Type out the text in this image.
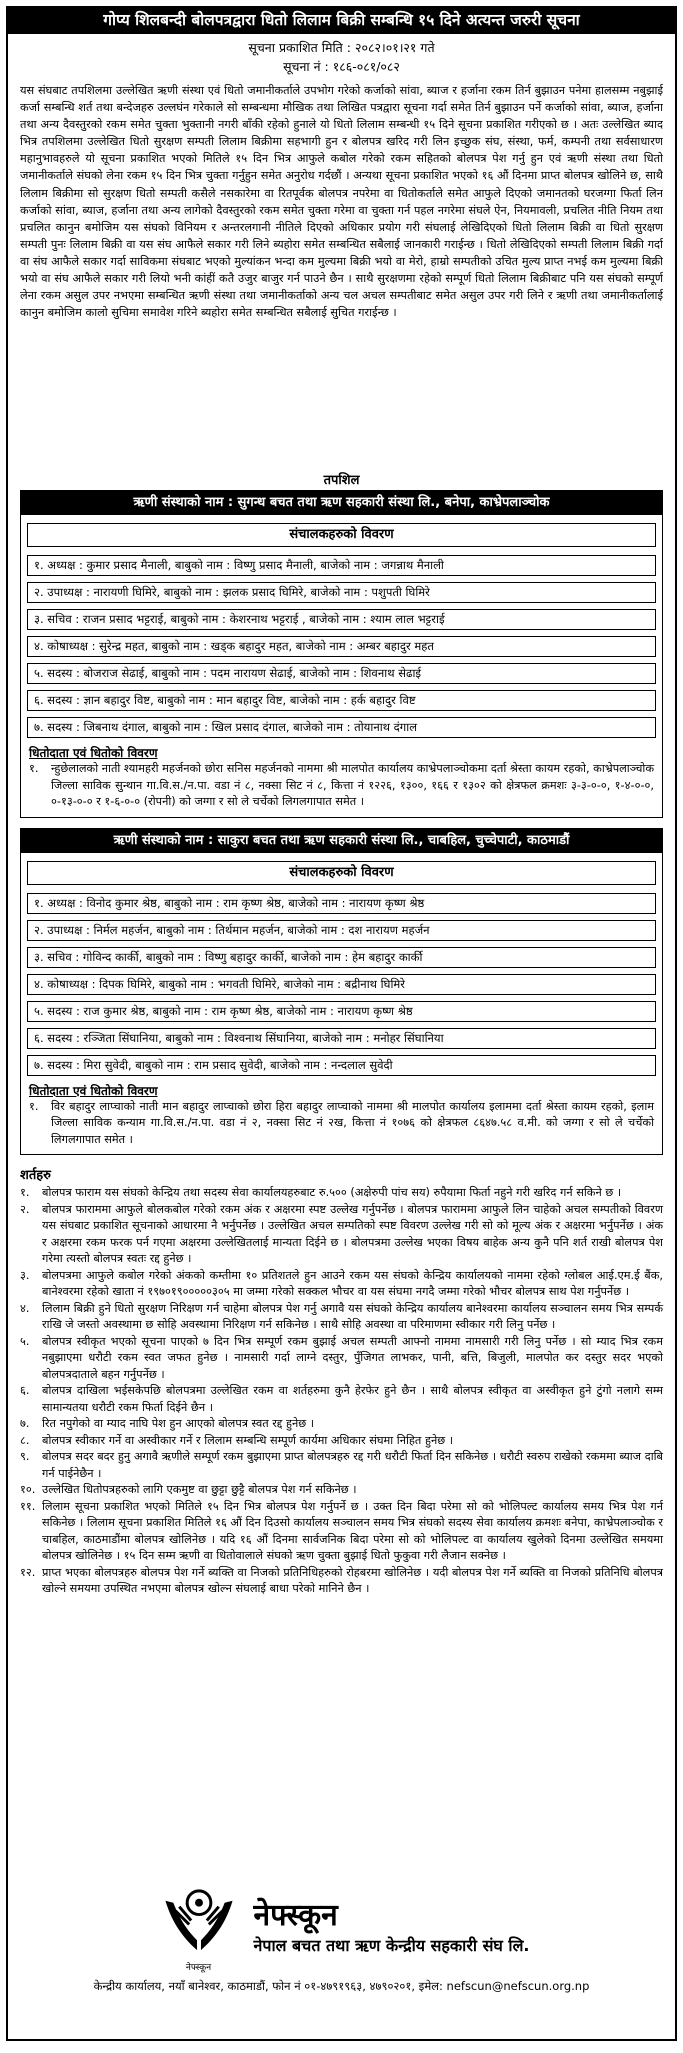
गोप्य शिलबन्दी बोलपत्रद्वारा धितो लिलाम बिक्री सम्बन्धि १५ दिने अत्यन्त जरुरी सूचना
सूचना प्रकाशित मिति : २०८२।०१।२१ गते
सूचना नं : १८६-०८१/०८२
यस संघबाट तपशिलमा उल्लेखित ऋणी संस्था एवं धितो जमानीकर्ताले उपभोग गरेको कर्जाको सांवा, ब्याज र हर्जाना रकम तिर्न बुझाउन पनेमा हालसम्म नबुझाई कर्जा सम्बन्धि शर्त तथा बन्देजहरु उल्लघंन गरेकाले सो सम्बन्धमा मौखिक तथा लिखित पत्रद्वारा सूचना गर्दा समेत तिर्न बुझाउन पर्ने कर्जाको सांवा, ब्याज, हर्जाना तथा अन्य दैवस्तुरको रकम समेत चुक्ता भुक्तानी नगरी बाँकी रहेको हुनाले यो धितो लिलाम सम्बन्धी १५ दिने सूचना प्रकाशित गरीएको छ । अतः उल्लेखित ब्याद भित्र तपशिलमा उल्लेखित धितो सुरक्षण सम्पती लिलाम बिक्रीमा सहभागी हुन र बोलपत्र खरिद गरी लिन इच्छुक संघ, संस्था, फर्म, कम्पनी तथा सर्वसाधारण महानुभावहरुले यो सूचना प्रकाशित भएको मितिले १५ दिन भित्र आफुले कबोल गरेको रकम सहितको बोलपत्र पेश गर्नु हुन एवं ऋणी संस्था तथा धितो जमानीकर्ताले संघको लेना रकम १५ दिन भित्र चुक्ता गर्नुहुन समेत अनुरोध गर्दछौं । अन्यथा सूचना प्रकाशित भएको १६ औं दिनमा प्राप्त बोलपत्र खोलिने छ, साथै लिलाम बिक्रीमा सो सुरक्षण धितो सम्पती कसैले नसकारेमा वा रितपूर्वक बोलपत्र नपरेमा वा धितोकर्ताले समेत आफुले दिएको जमानतको घरजग्गा फिर्ता लिन कर्जाको सांवा, ब्याज, हर्जाना तथा अन्य लागेको दैवस्तुरको रकम समेत चुक्ता गरेमा वा चुक्ता गर्न पहल नगरेमा संघले ऐन, नियमावली, प्रचलित नीति नियम तथा प्रचलित कानुन बमोजिम यस संघको विनियम र अन्तरलगानी नीतिले दिएको अधिकार प्रयोग गरी संघलाई लेखिदिएको धितो लिलाम बिक्री वा धितो सुरक्षण सम्पती पुनः लिलाम बिक्री वा यस संघ आफैले सकार गरी लिने ब्यहोरा समेत सम्बन्धित सबैलाई जानकारी गराईन्छ । धितो लेखिदिएको सम्पती लिलाम बिक्री गर्दा वा संघ आफैले सकार गर्दा साविकमा संघबाट भएको मुल्यांकन भन्दा कम मुल्यमा बिक्री भयो वा मेरो, हाम्रो सम्पतीको उचित मुल्य प्राप्त नभई कम मुल्यमा बिक्री भयो वा संघ आफैले सकार गरी लियो भनी कांहीं कतै उजुर बाजुर गर्न पाउने छैन । साथै सुरक्षणमा रहेको सम्पूर्ण धितो लिलाम बिक्रीबाट पनि यस संघको सम्पूर्ण लेना रकम असुल उपर नभएमा सम्बन्धित ऋणी संस्था तथा जमानीकर्ताको अन्य चल अचल सम्पतीबाट समेत असुल उपर गरी लिने र ऋणी तथा जमानीकर्तालाई कानुन बमोजिम कालो सुचिमा समावेश गरिने ब्यहोरा समेत सम्बन्धित सबैलाई सुचित गराईन्छ ।
तपशिल
ऋणी संस्थाको नाम : सुगन्ध बचत तथा ऋण सहकारी संस्था लि., बनेपा, काभ्रेपलाञ्चोक
संचालकहरुको विवरण
१. अध्यक्ष : कुमार प्रसाद मैनाली, बाबुको नाम : विष्णु प्रसाद मैनाली, बाजेको नाम : जगन्नाथ मैनाली
२. उपाध्यक्ष : नारायणी घिमिरे, बाबुको नाम : झलक प्रसाद घिमिरे, बाजेको नाम : पशुपती घिमिरे
३. सचिव : राजन प्रसाद भट्टराई, बाबुको नाम : केशरनाथ भट्टराई , बाजेको नाम : श्याम लाल भट्टराई
४. कोषाध्यक्ष : सुरेन्द्र महत, बाबुको नाम : खड्क बहादुर महत, बाजेको नाम : अम्बर बहादुर महत
५. सदस्य : बोजराज सेढाई, बाबुको नाम : पदम नारायण सेढाई, बाजेको नाम : शिवनाथ सेढाई
६. सदस्य : ज्ञान बहादुर विष्ट, बाबुको नाम : मान बहादुर विष्ट, बाजेको नाम : हर्क बहादुर विष्ट
७. सदस्य : जिबनाथ दंगाल, बाबुको नाम : खिल प्रसाद दंगाल, बाजेको नाम : तोयानाथ दंगाल
धितोदाता एवं धितोको विवरण
१.	न्हुछेलालको नाती श्यामहरी महर्जनको छोरा सनिस महर्जनको नाममा श्री मालपोत कार्यालय काभ्रेपलाञ्चोकमा दर्ता श्रेस्ता कायम रहको, काभ्रेपलाञ्चोक जिल्ला साविक सुन्थान गा.वि.स./न.पा. वडा नं ८, नक्सा सिट नं ८, कित्ता नं १२२६, १३००, १६६ र १३०२ को क्षेत्रफल क्रमशः ३-३-०-०, १-४-०-०, ०-१३-०-० र १-६-०-० (रोपनी) को जग्गा र सो ले चर्चेको लिगलगापात समेत ।
ऋणी संस्थाको नाम : साकुरा बचत तथा ऋण सहकारी संस्था लि., चाबहिल, चुच्चेपाटी, काठमाडौं
संचालकहरुको विवरण
१. अध्यक्ष : विनोद कुमार श्रेष्ठ, बाबुको नाम : राम कृष्ण श्रेष्ठ, बाजेको नाम : नारायण कृष्ण श्रेष्ठ
२. उपाध्यक्ष : निर्मल महर्जन, बाबुको नाम : तिर्थमान महर्जन, बाजेको नाम : दश नारायण महर्जन
३. सचिव : गोविन्द कार्की, बाबुको नाम : विष्णु बहादुर कार्की, बाजेको नाम : हेम बहादुर कार्की
४. कोषाध्यक्ष : दिपक घिमिरे, बाबुको नाम : भगवती घिमिरे, बाजेको नाम : बद्रीनाथ घिमिरे
५. सदस्य : राज कुमार श्रेष्ठ, बाबुको नाम : राम कृष्ण श्रेष्ठ, बाजेको नाम : नारायण कृष्ण श्रेष्ठ
६. सदस्य : रञ्जिता सिंघानिया, बाबुको नाम : विश्वनाथ सिंघानिया, बाजेको नाम : मनोहर सिंघानिया
७. सदस्य : मिरा सुवेदी, बाबुको नाम : राम प्रसाद सुवेदी, बाजेको नाम : नन्दलाल सुवेदी
धितोदाता एवं धितोको विवरण
१.	विर बहादुर लाप्चाको नाती मान बहादुर लाप्चाको छोरा हिरा बहादुर लाप्चाको नाममा श्री मालपोत कार्यालय इलाममा दर्ता श्रेस्ता कायम रहको, इलाम जिल्ला साविक कन्याम गा.वि.स./न.पा. वडा नं २, नक्सा सिट नं २ख, कित्ता नं १०७६ को क्षेत्रफल ८६४७.५८ व.मी. को जग्गा र सो ले चर्चेको लिगलगापात समेत ।
शर्तहरु
१.	बोलपत्र फाराम यस संघको केन्द्रिय तथा सदस्य सेवा कार्यालयहरुबाट रु.५०० (अक्षेरुपी पांच सय) रुपैयामा फिर्ता नहुने गरी खरिद गर्न सकिने छ ।
२.	बोलपत्र फाराममा आफुले बोलकबोल गरेको रकम अंक र अक्षरमा स्पष्ट उल्लेख गर्नुपर्नेछ । बोलपत्र फाराममा आफुले लिन चाहेको अचल सम्पतीको विवरण यस संघबाट प्रकाशित सूचनाको आधारमा नै भर्नुपर्नेछ । उल्लेखित अचल सम्पतिको स्पष्ट विवरण उल्लेख गरी सो को मूल्य अंक र अक्षरमा भर्नुपर्नेछ । अंक र अक्षरमा रकम फरक पर्न गएमा अक्षरमा उल्लेखितलाई मान्यता दिईने छ । बोलपत्रमा उल्लेख भएका विषय बाहेक अन्य कुनै पनि शर्त राखी बोलपत्र पेश गरेमा त्यस्तो बोलपत्र स्वतः रद्द हुनेछ ।
३.	बोलपत्रमा आफुले कबोल गरेको अंकको कम्तीमा १० प्रतिशतले हुन आउने रकम यस संघको केन्द्रिय कार्यालयको नाममा रहेको ग्लोबल आई.एम.ई बैंक, बानेश्वरमा रहेको खाता नं १९७०१९०००००३०५ मा जम्मा गरेको सक्कल भौचर वा यस संघमा नगदै जम्मा गरेको भौचर बोलपत्र साथ पेश गर्नुपर्नेछ ।
४.	लिलाम बिक्री हुने धितो सुरक्षण निरिक्षण गर्न चाहेमा बोलपत्र पेश गर्नु अगावै यस संघको केन्द्रिय कार्यालय बानेश्वरमा कार्यालय सञ्चालन समय भित्र सम्पर्क राखि जे जस्तो अवस्थामा छ सोहि अवस्थामा निरिक्षण गर्न सकिनेछ । साथै सोहि अवस्था वा परिमाणमा स्वीकार गरी लिनु पर्नेछ ।
५.	बोलपत्र स्वीकृत भएको सूचना पाएको ७ दिन भित्र सम्पूर्ण रकम बुझाई अचल सम्पती आफ्नो नाममा नामसारी गरी लिनु पर्नेछ । सो म्याद भित्र रकम नबुझाएमा धरौटी रकम स्वत जफत हुनेछ । नामसारी गर्दा लाग्ने दस्तुर, पुँजिगत लाभकर, पानी, बत्ति, बिजुली, मालपोत कर दस्तुर सदर भएको बोलपत्रदाताले बहन गर्नुपर्नेछ ।
६.	बोलपत्र दाखिला भईसकेपछि बोलपत्रमा उल्लेखित रकम वा शर्तहरुमा कुनै हेरफेर हुने छैन । साथै बोलपत्र स्वीकृत वा अस्वीकृत हुने टुंगो नलागे सम्म सामान्यतया धरौटी रकम फिर्ता दिईने छैन ।
७.	रित नपुगेको वा म्याद नाघि पेश हुन आएको बोलपत्र स्वत रद्द हुनेछ ।
८.	बोलपत्र स्वीकार गर्ने वा अस्वीकार गर्ने र लिलाम सम्बन्धि सम्पूर्ण कार्यमा अधिकार संघमा निहित हुनेछ ।
९.	बोलपत्र सदर बदर हुनु अगावै ऋणीले सम्पूर्ण रकम बुझाएमा प्राप्त बोलपत्रहरु रद्द गरी धरौटी फिर्ता दिन सकिनेछ । धरौटी स्वरुप राखेको रकममा ब्याज दाबि गर्न पाईनेछैन ।
१०. उल्लेखित धितोपत्रहरुको लागि एकमुष्ट वा छुट्टा छुट्टै बोलपत्र पेश गर्न सकिनेछ ।
११. लिलाम सूचना प्रकाशित भएको मितिले १५ दिन भित्र बोलपत्र पेश गर्नुपर्ने छ । उक्त दिन बिदा परेमा सो को भोलिपल्ट कार्यालय समय भित्र पेश गर्न सकिनेछ । लिलाम सूचना प्रकाशित मितिले १६ औं दिन दिउसो कार्यालय सञ्चालन समय भित्र संघको सदस्य सेवा कार्यालय क्रमशः बनेपा, काभ्रेपलाञ्चोक र चाबहिल, काठमाडौंमा बोलपत्र खोलिनेछ । यदि १६ औं दिनमा सार्वजनिक बिदा परेमा सो को भोलिपल्ट वा कार्यालय खुलेको दिनमा उल्लेखित समयमा बोलपत्र खोलिनेछ । १५ दिन सम्म ऋणी वा धितोवालाले संघको ऋण चुक्ता बुझाई धितो फुकुवा गरी लैजान सक्नेछ ।
१२. प्राप्त भएका बोलपत्रहरु बोलपत्र पेश गर्ने ब्यक्ति वा निजको प्रतिनिधिहरुको रोहबरमा खोलिनेछ । यदी बोलपत्र पेश गर्ने ब्यक्ति वा निजको प्रतिनिधि बोलपत्र खोल्ने समयमा उपस्थित नभएमा बोलपत्र खोल्न संघलाई बाधा परेको मानिने छैन ।
नेफ्स्कून
नेफ्स्कून
नेपाल बचत तथा ऋण केन्द्रीय सहकारी संघ लि.
केन्द्रीय कार्यालय, नयाँ बानेश्वर, काठमाडौं, फोन नं ०१-४७९१९६३, ४७९०२०१, इमेल: nefscun@nefscun.org.np
